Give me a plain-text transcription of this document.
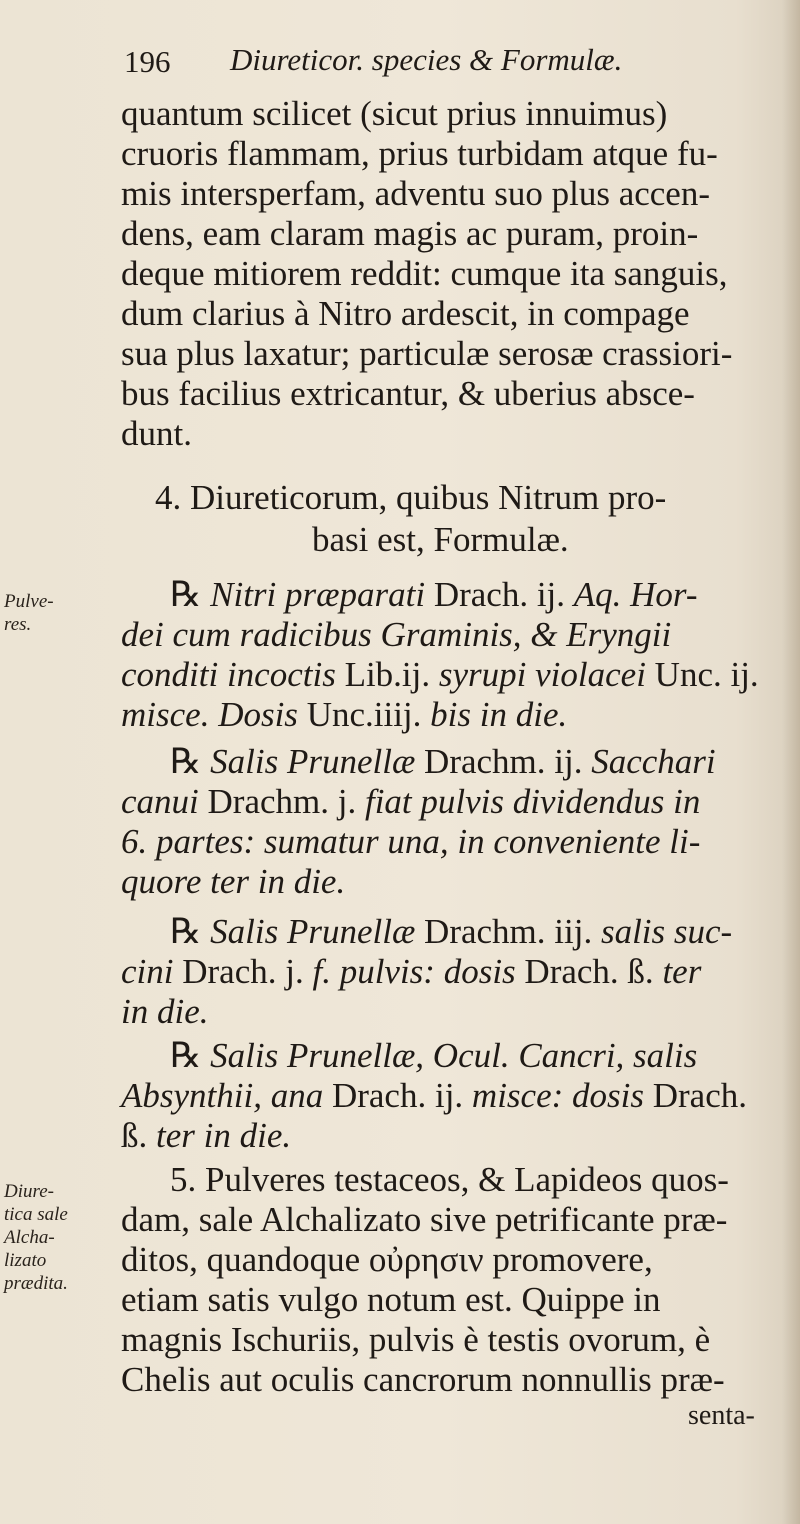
196 Diureticor. species & Formulæ.
quantum scilicet (sicut prius innuimus)
cruoris flammam, prius turbidam atque fu-
mis intersperfam, adventu suo plus accen-
dens, eam claram magis ac puram, proin-
deque mitiorem reddit: cumque ita sanguis,
dum clarius à Nitro ardescit, in compage
sua plus laxatur; particulæ serosæ crassiori-
bus facilius extricantur, & uberius absce-
dunt.
4. Diureticorum, quibus Nitrum pro-
basi est, Formulæ.
Pulve-
res.
Diure-
tica sale
Alcha-
lizato
prædita.
℞ Nitri præparati Drach. ij. Aq. Hor-
dei cum radicibus Graminis, & Eryngii
conditi incoctis Lib.ij. syrupi violacei Unc. ij.
misce. Dosis Unc.iiij. bis in die.
℞ Salis Prunellæ Drachm. ij. Sacchari
canui Drachm. j. fiat pulvis dividendus in
6. partes: sumatur una, in conveniente li-
quore ter in die.
℞ Salis Prunellæ Drachm. iij. salis suc-
cini Drach. j. f. pulvis: dosis Drach. ß. ter
in die.
℞ Salis Prunellæ, Ocul. Cancri, salis
Absynthii, ana Drach. ij. misce: dosis Drach.
ß. ter in die.
5. Pulveres testaceos, & Lapideos quos-
dam, sale Alchalizato sive petrificante præ-
ditos, quandoque οὐρησιν promovere,
etiam satis vulgo notum est. Quippe in
magnis Ischuriis, pulvis è testis ovorum, è
Chelis aut oculis cancrorum nonnullis præ-
senta-
